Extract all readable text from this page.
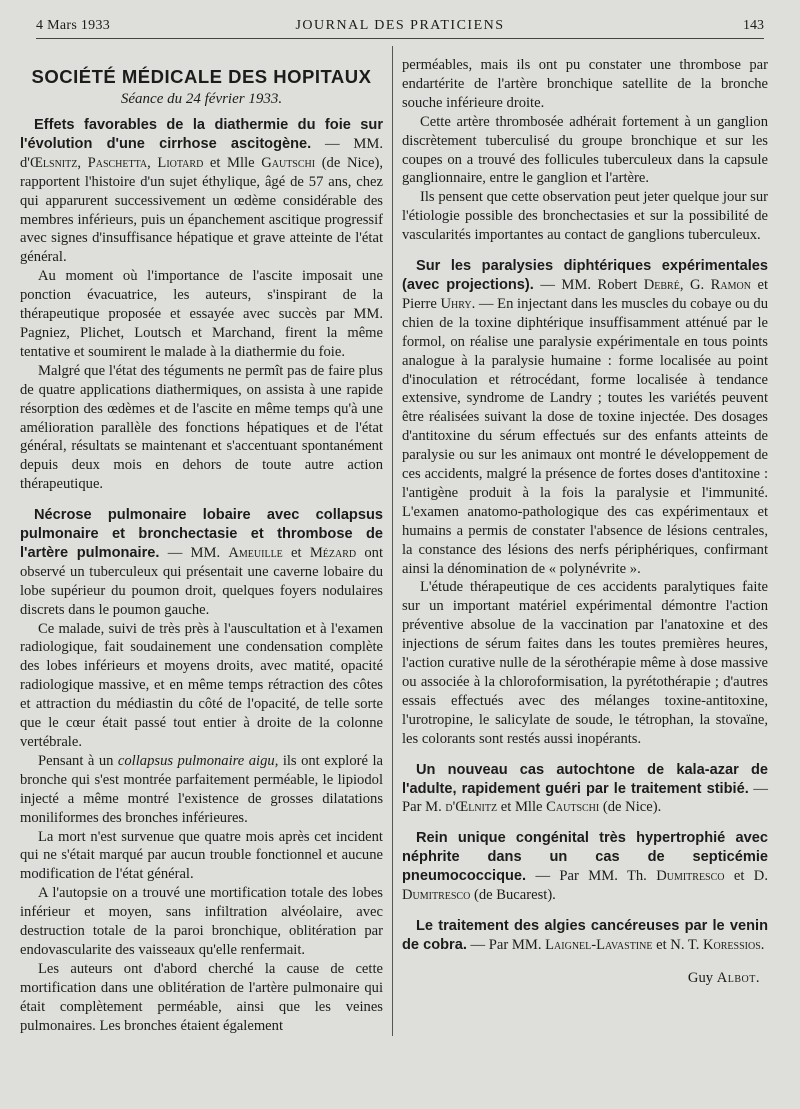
4 Mars 1933	JOURNAL DES PRATICIENS	143
SOCIÉTÉ MÉDICALE DES HOPITAUX
Séance du 24 février 1933.

Effets favorables de la diathermie du foie sur l'évolution d'une cirrhose ascitogène. — MM. d'Œlsnitz, Paschetta, Liotard et Mlle Gautschi (de Nice), rapportent l'histoire d'un sujet éthylique, âgé de 57 ans, chez qui apparurent successivement un œdème considérable des membres inférieurs, puis un épanchement ascitique progressif avec signes d'insuffisance hépatique et grave atteinte de l'état général.

Au moment où l'importance de l'ascite imposait une ponction évacuatrice, les auteurs, s'inspirant de la thérapeutique proposée et essayée avec succès par MM. Pagniez, Plichet, Loutsch et Marchand, firent la même tentative et soumirent le malade à la diathermie du foie.

Malgré que l'état des téguments ne permît pas de faire plus de quatre applications diathermiques, on assista à une rapide résorption des œdèmes et de l'ascite en même temps qu'à une amélioration parallèle des fonctions hépatiques et de l'état général, résultats se maintenant et s'accentuant spontanément depuis deux mois en dehors de toute autre action thérapeutique.

Nécrose pulmonaire lobaire avec collapsus pulmonaire et bronchectasie et thrombose de l'artère pulmonaire. — MM. Ameuille et Mézard ont observé un tuberculeux qui présentait une caverne lobaire du lobe supérieur du poumon droit, quelques foyers nodulaires discrets dans le poumon gauche.

Ce malade, suivi de très près à l'auscultation et à l'examen radiologique, fait soudainement une condensation complète des lobes inférieurs et moyens droits, avec matité, opacité radiologique massive, et en même temps rétraction des côtes et attraction du médiastin du côté de l'opacité, de telle sorte que le cœur était passé tout entier à droite de la colonne vertébrale.

Pensant à un collapsus pulmonaire aigu, ils ont exploré la bronche qui s'est montrée parfaitement perméable, le lipiodol injecté a même montré l'existence de grosses dilatations moniliformes des bronches inférieures.

La mort n'est survenue que quatre mois après cet incident qui ne s'était marqué par aucun trouble fonctionnel et aucune modification de l'état général.

A l'autopsie on a trouvé une mortification totale des lobes inférieur et moyen, sans infiltration alvéolaire, avec destruction totale de la paroi bronchique, oblitération par endovascularite des vaisseaux qu'elle renfermait.

Les auteurs ont d'abord cherché la cause de cette mortification dans une oblitération de l'artère pulmonaire qui était complètement perméable, ainsi que les veines pulmonaires. Les bronches étaient également

perméables, mais ils ont pu constater une thrombose par endartérite de l'artère bronchique satellite de la bronche souche inférieure droite.

Cette artère thrombosée adhérait fortement à un ganglion discrètement tuberculisé du groupe bronchique et sur les coupes on a trouvé des follicules tuberculeux dans la capsule ganglionnaire, entre le ganglion et l'artère.

Ils pensent que cette observation peut jeter quelque jour sur l'étiologie possible des bronchectasies et sur la possibilité de vascularités importantes au contact de ganglions tuberculeux.

Sur les paralysies diphtériques expérimentales (avec projections). — MM. Robert Debré, G. Ramon et Pierre Uhry. — En injectant dans les muscles du cobaye ou du chien de la toxine diphtérique insuffisamment atténué par le formol, on réalise une paralysie expérimentale en tous points analogue à la paralysie humaine : forme localisée au point d'inoculation et rétrocédant, forme localisée à tendance extensive, syndrome de Landry ; toutes les variétés peuvent être réalisées suivant la dose de toxine injectée. Des dosages d'antitoxine du sérum effectués sur des enfants atteints de paralysie ou sur les animaux ont montré le développement de ces accidents, malgré la présence de fortes doses d'antitoxine : l'antigène produit à la fois la paralysie et l'immunité. L'examen anatomo-pathologique des cas expérimentaux et humains a permis de constater l'absence de lésions centrales, la constance des lésions des nerfs périphériques, confirmant ainsi la dénomination de « polynévrite ».

L'étude thérapeutique de ces accidents paralytiques faite sur un important matériel expérimental démontre l'action préventive absolue de la vaccination par l'anatoxine et des injections de sérum faites dans les toutes premières heures, l'action curative nulle de la sérothérapie même à dose massive ou associée à la chloroformisation, la pyrétothérapie ; d'autres essais effectués avec des mélanges toxine-antitoxine, l'urotropine, le salicylate de soude, le tétrophan, la stovaïne, les colorants sont restés aussi inopérants.

Un nouveau cas autochtone de kala-azar de l'adulte, rapidement guéri par le traitement stibié. — Par M. d'Œlnitz et Mlle Cautschi (de Nice).

Rein unique congénital très hypertrophié avec néphrite dans un cas de septicémie pneumococcique. — Par MM. Th. Dumitresco et D. Dumitresco (de Bucarest).

Le traitement des algies cancéreuses par le venin de cobra. — Par MM. Laignel-Lavastine et N. T. Koressios.

Guy Albot.
